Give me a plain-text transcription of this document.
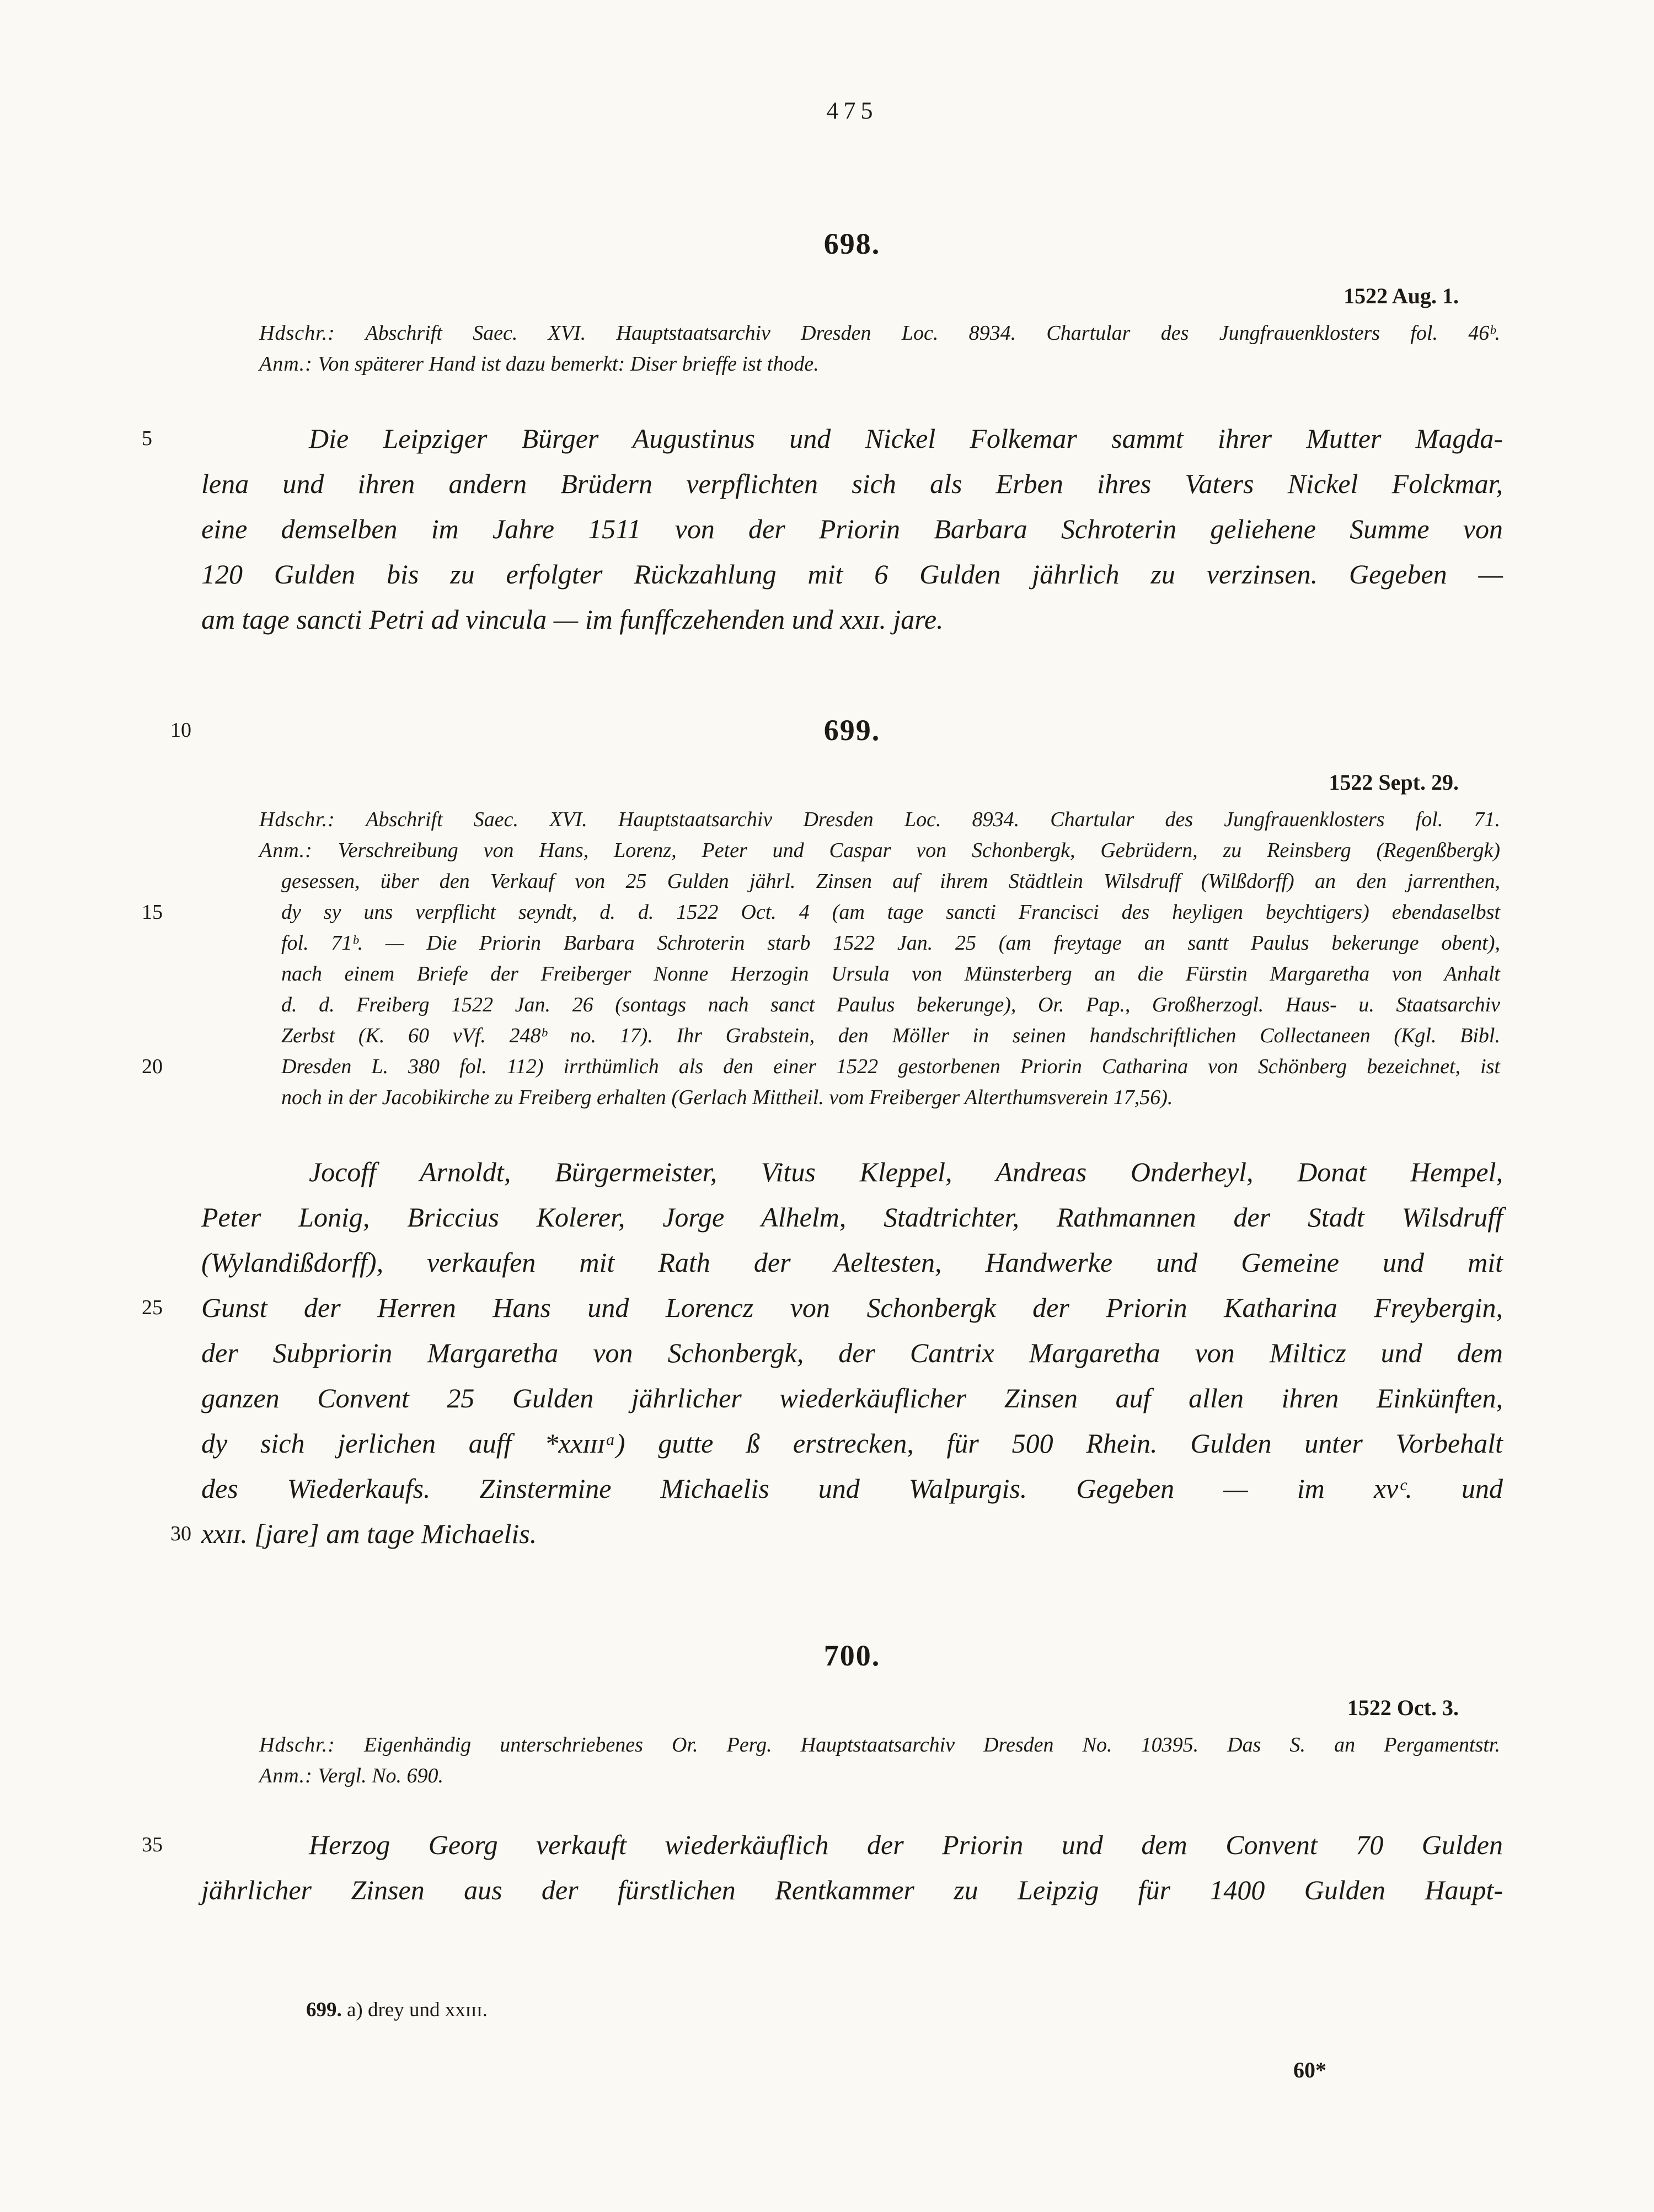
475
698.
1522 Aug. 1.
Hdschr.: Abschrift Saec. XVI. Hauptstaatsarchiv Dresden Loc. 8934. Chartular des Jungfrauenklosters fol. 46ᵇ.
Anm.: Von späterer Hand ist dazu bemerkt: Diser brieffe ist thode.
5	Die Leipziger Bürger Augustinus und Nickel Folkemar sammt ihrer Mutter Magda-
lena und ihren andern Brüdern verpflichten sich als Erben ihres Vaters Nickel Folckmar,
eine demselben im Jahre 1511 von der Priorin Barbara Schroterin geliehene Summe von
120 Gulden bis zu erfolgter Rückzahlung mit 6 Gulden jährlich zu verzinsen. Gegeben —
am tage sancti Petri ad vincula — im funffczehenden und xxɪɪ. jare.
10	699.
1522 Sept. 29.
Hdschr.: Abschrift Saec. XVI. Hauptstaatsarchiv Dresden Loc. 8934. Chartular des Jungfrauenklosters fol. 71.
Anm.: Verschreibung von Hans, Lorenz, Peter und Caspar von Schonbergk, Gebrüdern, zu Reinsberg (Regenßbergk)
gesessen, über den Verkauf von 25 Gulden jährl. Zinsen auf ihrem Städtlein Wilsdruff (Wilßdorff) an den jarrenthen,
15	dy sy uns verpflicht seyndt, d. d. 1522 Oct. 4 (am tage sancti Francisci des heyligen beychtigers) ebendaselbst
fol. 71ᵇ. — Die Priorin Barbara Schroterin starb 1522 Jan. 25 (am freytage an santt Paulus bekerunge obent),
nach einem Briefe der Freiberger Nonne Herzogin Ursula von Münsterberg an die Fürstin Margaretha von Anhalt
d. d. Freiberg 1522 Jan. 26 (sontags nach sanct Paulus bekerunge), Or. Pap., Großherzogl. Haus- u. Staatsarchiv
Zerbst (K. 60 vVf. 248ᵇ no. 17). Ihr Grabstein, den Möller in seinen handschriftlichen Collectaneen (Kgl. Bibl.
20	Dresden L. 380 fol. 112) irrthümlich als den einer 1522 gestorbenen Priorin Catharina von Schönberg bezeichnet, ist
noch in der Jacobikirche zu Freiberg erhalten (Gerlach Mittheil. vom Freiberger Alterthumsverein 17,56).
Jocoff Arnoldt, Bürgermeister, Vitus Kleppel, Andreas Onderheyl, Donat Hempel,
Peter Lonig, Briccius Kolerer, Jorge Alhelm, Stadtrichter, Rathmannen der Stadt Wilsdruff
(Wylandißdorff), verkaufen mit Rath der Aeltesten, Handwerke und Gemeine und mit
25	Gunst der Herren Hans und Lorencz von Schonbergk der Priorin Katharina Freybergin,
der Subpriorin Margaretha von Schonbergk, der Cantrix Margaretha von Milticz und dem
ganzen Convent 25 Gulden jährlicher wiederkäuflicher Zinsen auf allen ihren Einkünften,
dy sich jerlichen auff *xxɪɪɪᵃ) gutte ß erstrecken, für 500 Rhein. Gulden unter Vorbehalt
des Wiederkaufs. Zinstermine Michaelis und Walpurgis. Gegeben — im xvᶜ. und
30 xxɪɪ. [jare] am tage Michaelis.
700.
1522 Oct. 3.
Hdschr.: Eigenhändig unterschriebenes Or. Perg. Hauptstaatsarchiv Dresden No. 10395. Das S. an Pergamentstr.
Anm.: Vergl. No. 690.
35	Herzog Georg verkauft wiederkäuflich der Priorin und dem Convent 70 Gulden
jährlicher Zinsen aus der fürstlichen Rentkammer zu Leipzig für 1400 Gulden Haupt-
699. a) drey und xxɪɪɪ.
60*
